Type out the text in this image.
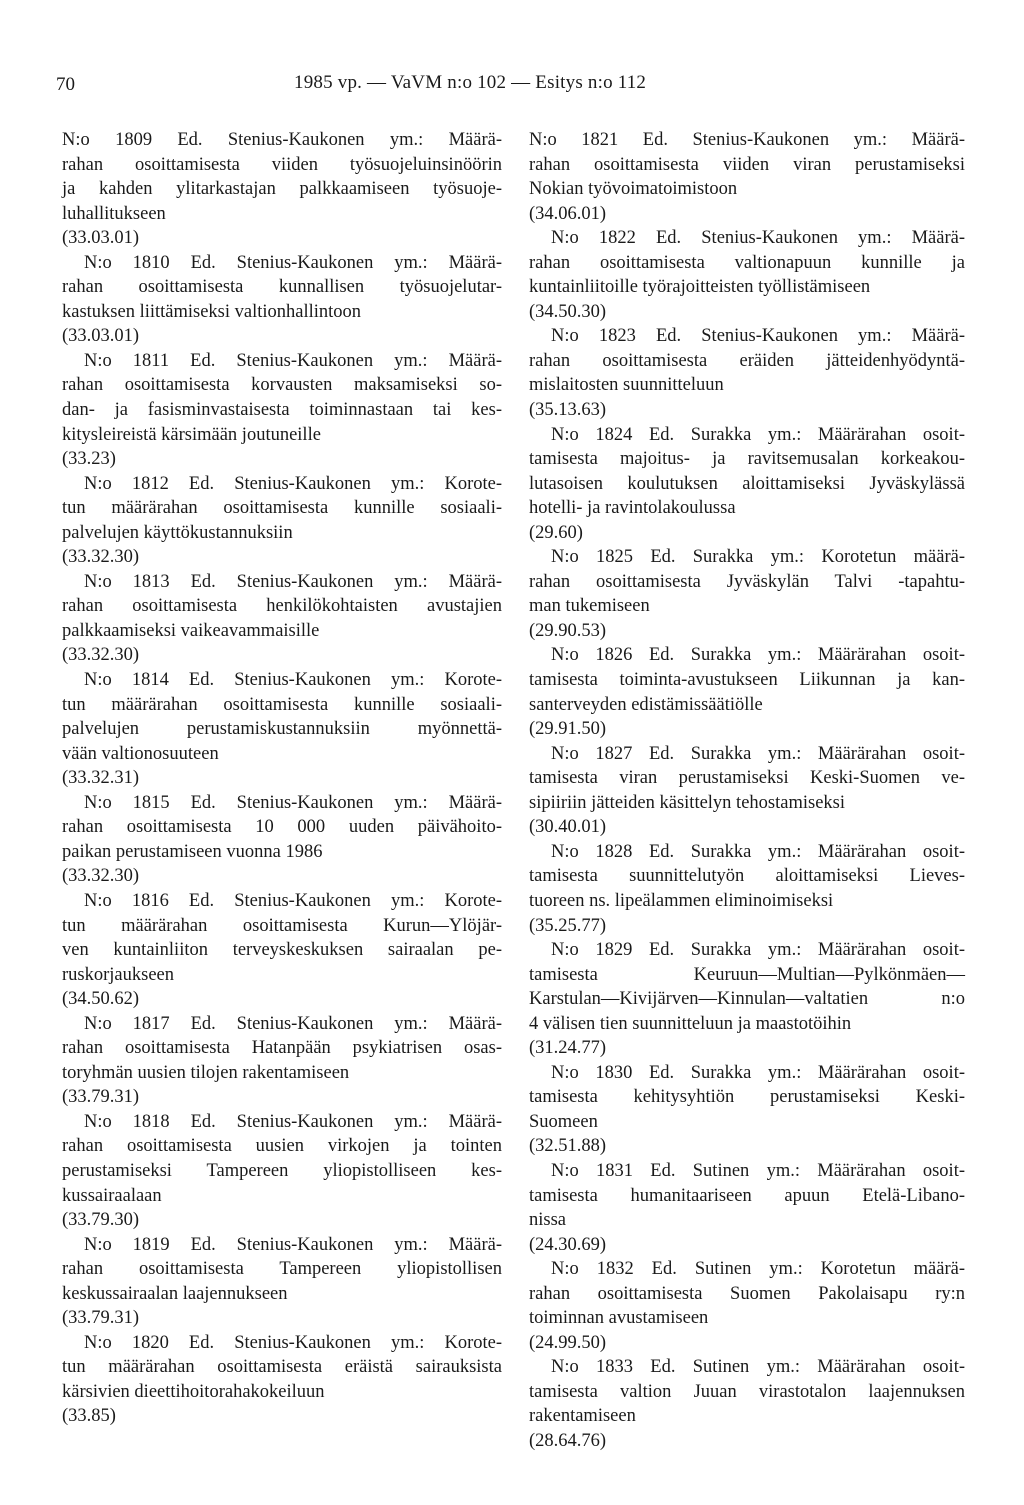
70	1985 vp. — VaVM n:o 102 — Esitys n:o 112
N:o 1809 Ed. Stenius-Kaukonen ym.: Määrä-
rahan osoittamisesta viiden työsuojeluinsinöörin
ja kahden ylitarkastajan palkkaamiseen työsuoje-
luhallitukseen
(33.03.01)
N:o 1810 Ed. Stenius-Kaukonen ym.: Määrä-
rahan osoittamisesta kunnallisen työsuojelutar-
kastuksen liittämiseksi valtionhallintoon
(33.03.01)
N:o 1811 Ed. Stenius-Kaukonen ym.: Määrä-
rahan osoittamisesta korvausten maksamiseksi so-
dan- ja fasisminvastaisesta toiminnastaan tai kes-
kitysleireistä kärsimään joutuneille
(33.23)
N:o 1812 Ed. Stenius-Kaukonen ym.: Korote-
tun määrärahan osoittamisesta kunnille sosiaali-
palvelujen käyttökustannuksiin
(33.32.30)
N:o 1813 Ed. Stenius-Kaukonen ym.: Määrä-
rahan osoittamisesta henkilökohtaisten avustajien
palkkaamiseksi vaikeavammaisille
(33.32.30)
N:o 1814 Ed. Stenius-Kaukonen ym.: Korote-
tun määrärahan osoittamisesta kunnille sosiaali-
palvelujen perustamiskustannuksiin myönnettä-
vään valtionosuuteen
(33.32.31)
N:o 1815 Ed. Stenius-Kaukonen ym.: Määrä-
rahan osoittamisesta 10 000 uuden päivähoito-
paikan perustamiseen vuonna 1986
(33.32.30)
N:o 1816 Ed. Stenius-Kaukonen ym.: Korote-
tun määrärahan osoittamisesta Kurun—Ylöjär-
ven kuntainliiton terveyskeskuksen sairaalan pe-
ruskorjaukseen
(34.50.62)
N:o 1817 Ed. Stenius-Kaukonen ym.: Määrä-
rahan osoittamisesta Hatanpään psykiatrisen osas-
toryhmän uusien tilojen rakentamiseen
(33.79.31)
N:o 1818 Ed. Stenius-Kaukonen ym.: Määrä-
rahan osoittamisesta uusien virkojen ja tointen
perustamiseksi Tampereen yliopistolliseen kes-
kussairaalaan
(33.79.30)
N:o 1819 Ed. Stenius-Kaukonen ym.: Määrä-
rahan osoittamisesta Tampereen yliopistollisen
keskussairaalan laajennukseen
(33.79.31)
N:o 1820 Ed. Stenius-Kaukonen ym.: Korote-
tun määrärahan osoittamisesta eräistä sairauksista
kärsivien dieettihoitorahakokeiluun
(33.85)
N:o 1821 Ed. Stenius-Kaukonen ym.: Määrä-
rahan osoittamisesta viiden viran perustamiseksi
Nokian työvoimatoimistoon
(34.06.01)
N:o 1822 Ed. Stenius-Kaukonen ym.: Määrä-
rahan osoittamisesta valtionapuun kunnille ja
kuntainliitoille työrajoitteisten työllistämiseen
(34.50.30)
N:o 1823 Ed. Stenius-Kaukonen ym.: Määrä-
rahan osoittamisesta eräiden jätteidenhyödyntä-
mislaitosten suunnitteluun
(35.13.63)
N:o 1824 Ed. Surakka ym.: Määrärahan osoit-
tamisesta majoitus- ja ravitsemusalan korkeakou-
lutasoisen koulutuksen aloittamiseksi Jyväskylässä
hotelli- ja ravintolakoulussa
(29.60)
N:o 1825 Ed. Surakka ym.: Korotetun määrä-
rahan osoittamisesta Jyväskylän Talvi -tapahtu-
man tukemiseen
(29.90.53)
N:o 1826 Ed. Surakka ym.: Määrärahan osoit-
tamisesta toiminta-avustukseen Liikunnan ja kan-
santerveyden edistämissäätiölle
(29.91.50)
N:o 1827 Ed. Surakka ym.: Määrärahan osoit-
tamisesta viran perustamiseksi Keski-Suomen ve-
sipiiriin jätteiden käsittelyn tehostamiseksi
(30.40.01)
N:o 1828 Ed. Surakka ym.: Määrärahan osoit-
tamisesta suunnittelutyön aloittamiseksi Lieves-
tuoreen ns. lipeälammen eliminoimiseksi
(35.25.77)
N:o 1829 Ed. Surakka ym.: Määrärahan osoit-
tamisesta Keuruun—Multian—Pylkönmäen—
Karstulan—Kivijärven—Kinnulan—valtatien n:o
4 välisen tien suunnitteluun ja maastotöihin
(31.24.77)
N:o 1830 Ed. Surakka ym.: Määrärahan osoit-
tamisesta kehitysyhtiön perustamiseksi Keski-
Suomeen
(32.51.88)
N:o 1831 Ed. Sutinen ym.: Määrärahan osoit-
tamisesta humanitaariseen apuun Etelä-Libano-
nissa
(24.30.69)
N:o 1832 Ed. Sutinen ym.: Korotetun määrä-
rahan osoittamisesta Suomen Pakolaisapu ry:n
toiminnan avustamiseen
(24.99.50)
N:o 1833 Ed. Sutinen ym.: Määrärahan osoit-
tamisesta valtion Juuan virastotalon laajennuksen
rakentamiseen
(28.64.76)
